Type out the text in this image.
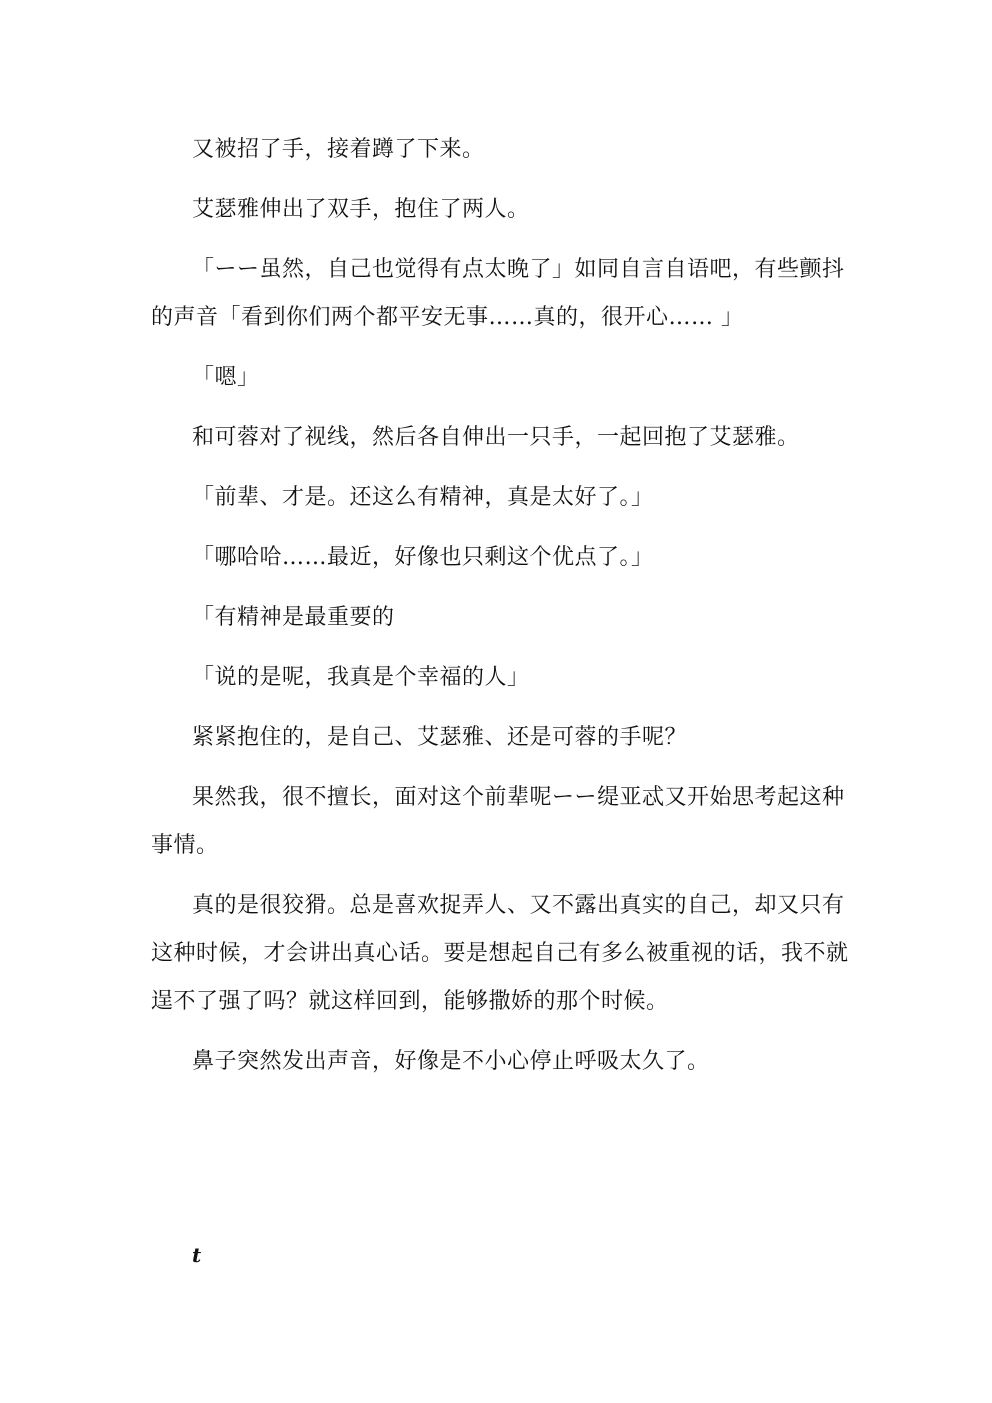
又被招了手，接着蹲了下来。

艾瑟雅伸出了双手，抱住了两人。

「ーー虽然，自己也觉得有点太晚了」如同自言自语吧，有些颤抖的声音「看到你们两个都平安无事……真的，很开心…… 」

「嗯」

和可蓉对了视线，然后各自伸出一只手，一起回抱了艾瑟雅。

「前辈、才是。还这么有精神，真是太好了。」

「哪哈哈……最近，好像也只剩这个优点了。」

「有精神是最重要的

「说的是呢，我真是个幸福的人」

紧紧抱住的，是自己、艾瑟雅、还是可蓉的手呢？

果然我，很不擅长，面对这个前辈呢ーー缇亚忒又开始思考起这种事情。

真的是很狡猾。总是喜欢捉弄人、又不露出真实的自己，却又只有这种时候，才会讲出真心话。要是想起自己有多么被重视的话，我不就逞不了强了吗？就这样回到，能够撒娇的那个时候。

鼻子突然发出声音，好像是不小心停止呼吸太久了。

t
